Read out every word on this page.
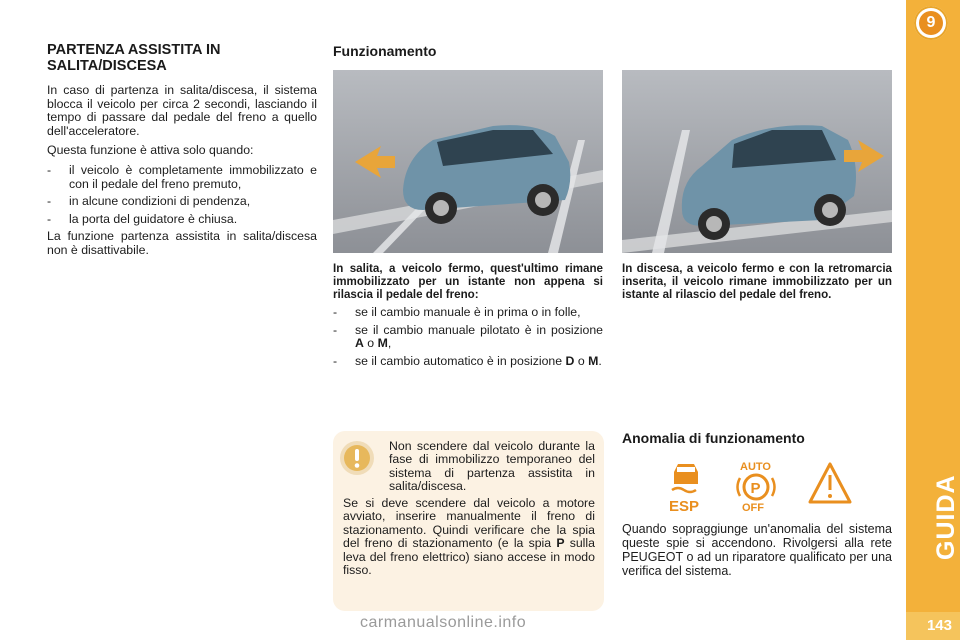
9
GUIDA
143
PARTENZA ASSISTITA IN SALITA/DISCESA

In caso di partenza in salita/discesa, il sistema blocca il veicolo per circa 2 secondi, lasciando il tempo di passare dal pedale del freno a quello dell'acceleratore.

Questa funzione è attiva solo quando:

- il veicolo è completamente immobilizzato e con il pedale del freno premuto,
- in alcune condizioni di pendenza,
- la porta del guidatore è chiusa.

La funzione partenza assistita in salita/discesa non è disattivabile.

Funzionamento

In salita, a veicolo fermo, quest'ultimo rimane immobilizzato per un istante non appena si rilascia il pedale del freno:

- se il cambio manuale è in prima o in folle,
- se il cambio manuale pilotato è in posizione A o M,
- se il cambio automatico è in posizione D o M.

In discesa, a veicolo fermo e con la retromarcia inserita, il veicolo rimane immobilizzato per un istante al rilascio del pedale del freno.

Non scendere dal veicolo durante la fase di immobilizzo temporaneo del sistema di partenza assistita in salita/discesa.
Se si deve scendere dal veicolo a motore avviato, inserire manualmente il freno di stazionamento. Quindi verificare che la spia del freno di stazionamento (e la spia P sulla leva del freno elettrico) siano accese in modo fisso.
Anomalia di funzionamento
ESP
AUTO
P
OFF
Quando sopraggiunge un'anomalia del sistema queste spie si accendono. Rivolgersi alla rete PEUGEOT o ad un riparatore qualificato per una verifica del sistema.
carmanualsonline.info
